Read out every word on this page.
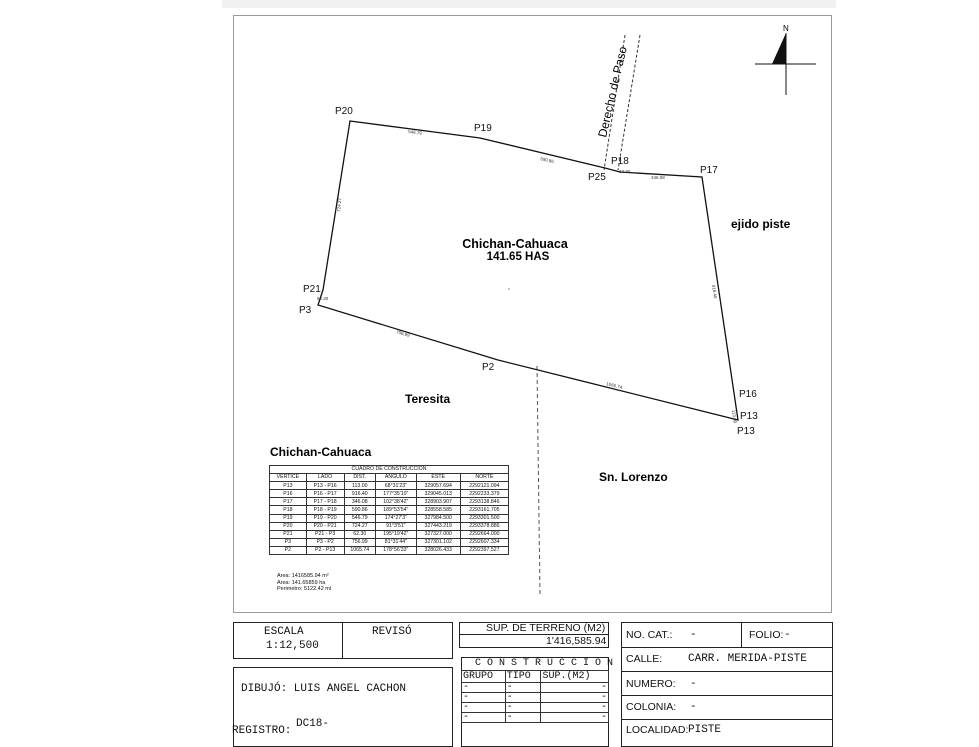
N
Derecho de Paso
546.79
590.86
62.30
346.08
724.27
916.40
756.99
1065.74
62.30
113.00
P20
P19
P18
P25
P17
P21
P3
P2
P16
P13
P13
Chichan-Cahuaca
141.65 HAS
ejido piste
Teresita
Sn. Lorenzo
Chichan-Cahuaca
CUADRO DE CONSTRUCCION					
VERTICE	LADO	DIST.	ANGULO	ESTE	NORTE
P13	P13 - P16	113.00	68°31'23"	329057.694	2292121.094
P16	P16 - P17	916.40	177°35'10"	329045.013	2292233.379
P17	P17 - P18	346.08	102°38'42"	328903.907	2293138.846
P18	P18 - P19	590.86	189°53'54"	328558.585	2293161.705
P19	P19 - P20	546.79	174°27'3"	327984.500	2293301.500
P20	P20 - P21	724.27	91°3'51"	327443.219	2293378.886
P21	P21 - P3	62.30	195°19'42"	327327.000	2292664.000
P3	P3 - P2	756.99	81°31'44"	327301.102	2292607.334
P2	P2 - P13	1065.74	178°56'33"	328026.433	2292397.527
Area: 1416585.94 m²
Area: 141.65859 ha
Perimetro: 5122.42 ml
ESCALA
1:12,500
REVISÓ
DIBUJÓ: LUIS ANGEL CACHON
REGISTRO:
DC18-
SUP. DE TERRENO (M2)
1'416,585.94
C O N S T R U C C I O N
GRUPO	TIPO	SUP.(M2)
-	-	-
-	-	-
-	-	-
-	-	-
NO. CAT.: -	FOLIO: -
CALLE: CARR. MERIDA-PISTE
NUMERO: -
COLONIA: -
LOCALIDAD: PISTE
